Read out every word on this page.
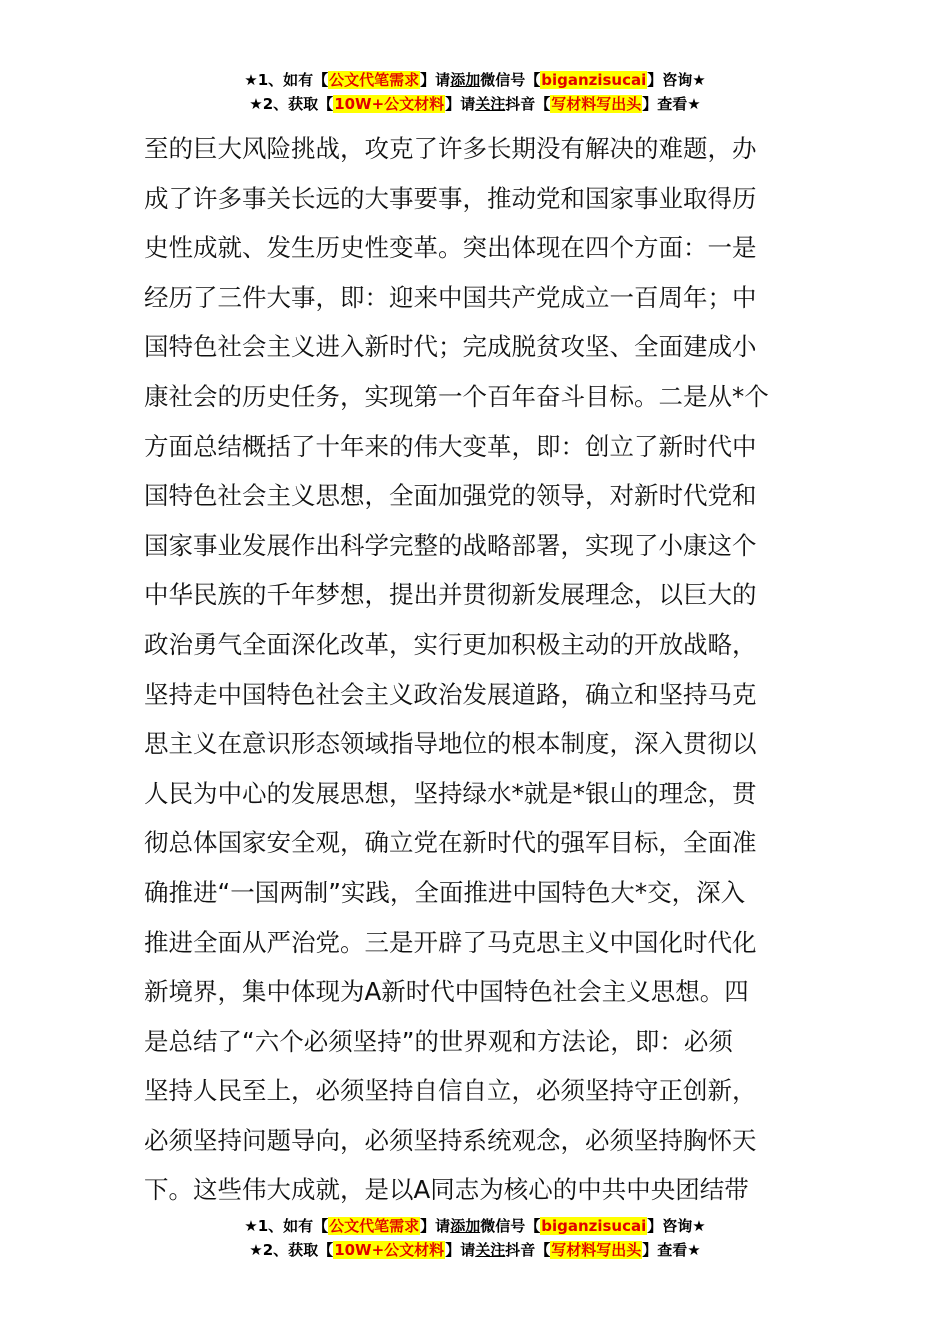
★1、如有【公文代笔需求】请添加微信号【biganzisucai】咨询★
★2、获取【10W+公文材料】请关注抖音【写材料写出头】查看★
至的巨大风险挑战，攻克了许多长期没有解决的难题，办
成了许多事关长远的大事要事，推动党和国家事业取得历
史性成就、发生历史性变革。突出体现在四个方面：一是
经历了三件大事，即：迎来中国共产党成立一百周年；中
国特色社会主义进入新时代；完成脱贫攻坚、全面建成小
康社会的历史任务，实现第一个百年奋斗目标。二是从*个
方面总结概括了十年来的伟大变革，即：创立了新时代中
国特色社会主义思想，全面加强党的领导，对新时代党和
国家事业发展作出科学完整的战略部署，实现了小康这个
中华民族的千年梦想，提出并贯彻新发展理念，以巨大的
政治勇气全面深化改革，实行更加积极主动的开放战略，
坚持走中国特色社会主义政治发展道路，确立和坚持马克
思主义在意识形态领域指导地位的根本制度，深入贯彻以
人民为中心的发展思想，坚持绿水*就是*银山的理念，贯
彻总体国家安全观，确立党在新时代的强军目标，全面准
确推进“一国两制”实践，全面推进中国特色大*交，深入
推进全面从严治党。三是开辟了马克思主义中国化时代化
新境界，集中体现为A新时代中国特色社会主义思想。四
是总结了“六个必须坚持”的世界观和方法论，即：必须
坚持人民至上，必须坚持自信自立，必须坚持守正创新，
必须坚持问题导向，必须坚持系统观念，必须坚持胸怀天
下。这些伟大成就，是以A同志为核心的中共中央团结带
★1、如有【公文代笔需求】请添加微信号【biganzisucai】咨询★
★2、获取【10W+公文材料】请关注抖音【写材料写出头】查看★
